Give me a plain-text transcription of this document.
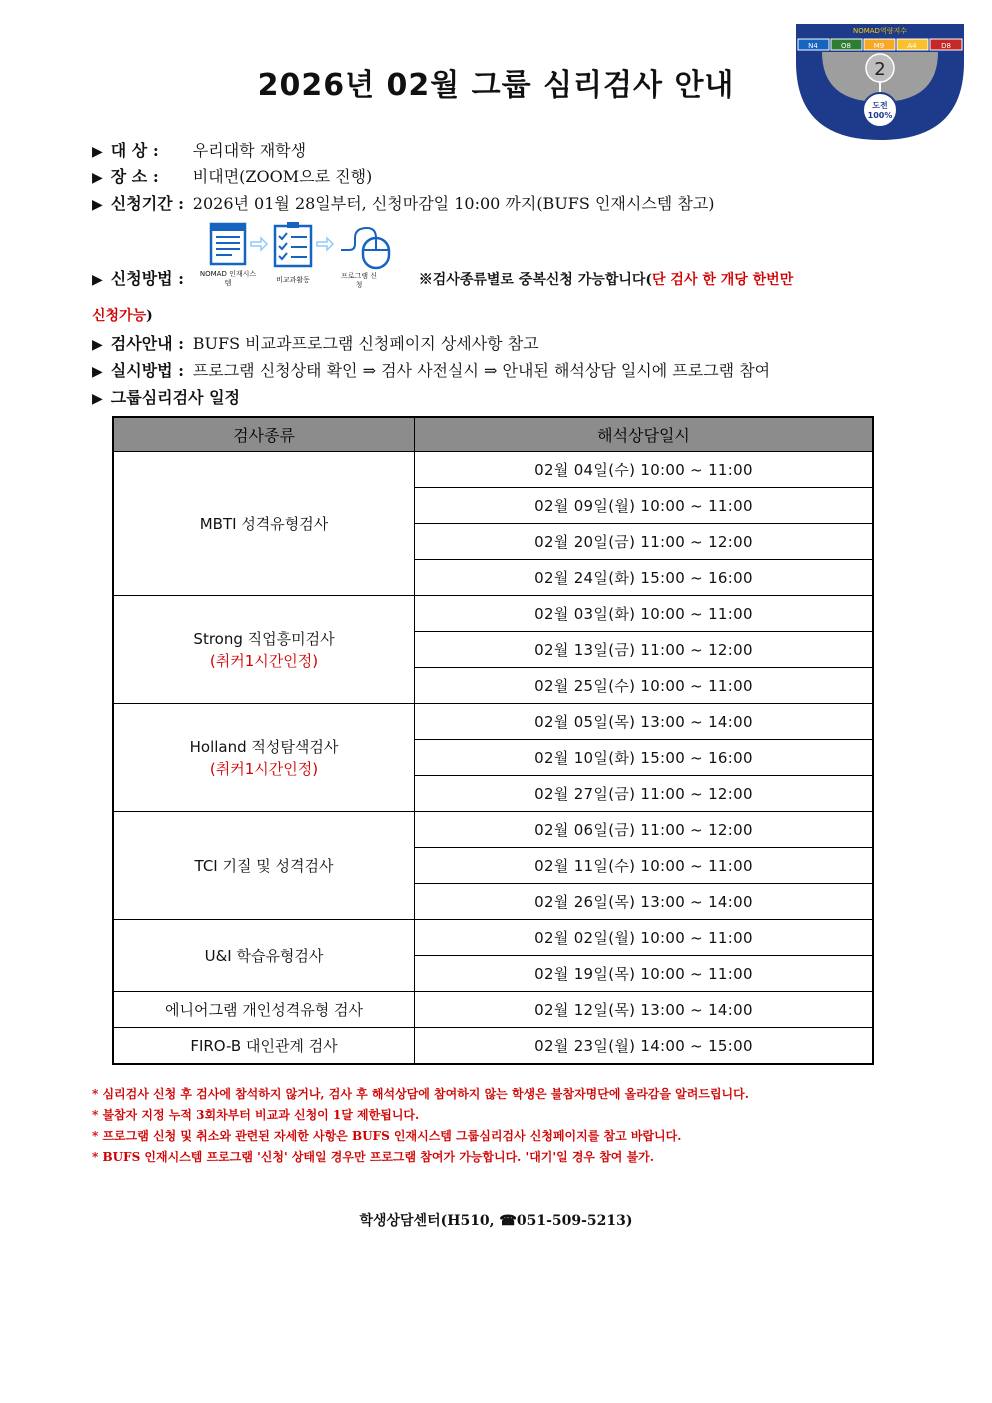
2026년 02월 그룹 심리검사 안내
NOMAD역량지수
N4	O8	M9	A4	D8
2
도전
100%
▶ 대 상 : 우리대학 재학생
▶ 장 소 : 비대면(ZOOM으로 진행)
▶ 신청기간 : 2026년 01월 28일부터, 신청마감일 10:00 까지(BUFS 인재시스템 참고)
NOMAD 인재시스템	비교과활동	프로그램 신청
▶ 신청방법 :	※검사종류별로 중복신청 가능합니다(단 검사 한 개당 한번만
신청가능)
▶ 검사안내 : BUFS 비교과프로그램 신청페이지 상세사항 참고
▶ 실시방법 : 프로그램 신청상태 확인 ⇒ 검사 사전실시 ⇒ 안내된 해석상담 일시에 프로그램 참여
▶ 그룹심리검사 일정
검사종류	해석상담일시

MBTI 성격유형검사	02월 04일(수) 10:00 ~ 11:00
	02월 09일(월) 10:00 ~ 11:00
	02월 20일(금) 11:00 ~ 12:00
	02월 24일(화) 15:00 ~ 16:00

Strong 직업흥미검사
(취커1시간인정)	02월 03일(화) 10:00 ~ 11:00
	02월 13일(금) 11:00 ~ 12:00
	02월 25일(수) 10:00 ~ 11:00

Holland 적성탐색검사
(취커1시간인정)	02월 05일(목) 13:00 ~ 14:00
	02월 10일(화) 15:00 ~ 16:00
	02월 27일(금) 11:00 ~ 12:00

TCI 기질 및 성격검사	02월 06일(금) 11:00 ~ 12:00
	02월 11일(수) 10:00 ~ 11:00
	02월 26일(목) 13:00 ~ 14:00

U&I 학습유형검사	02월 02일(월) 10:00 ~ 11:00
	02월 19일(목) 10:00 ~ 11:00

에니어그램 개인성격유형 검사	02월 12일(목) 13:00 ~ 14:00

FIRO-B 대인관계 검사	02월 23일(월) 14:00 ~ 15:00
* 심리검사 신청 후 검사에 참석하지 않거나, 검사 후 해석상담에 참여하지 않는 학생은 불참자명단에 올라감을 알려드립니다.
* 불참자 지정 누적 3회차부터 비교과 신청이 1달 제한됩니다.
* 프로그램 신청 및 취소와 관련된 자세한 사항은 BUFS 인재시스템 그룹심리검사 신청페이지를 참고 바랍니다.
* BUFS 인재시스템 프로그램 '신청' 상태일 경우만 프로그램 참여가 가능합니다. '대기'일 경우 참여 불가.
학생상담센터(H510, ☎051-509-5213)
